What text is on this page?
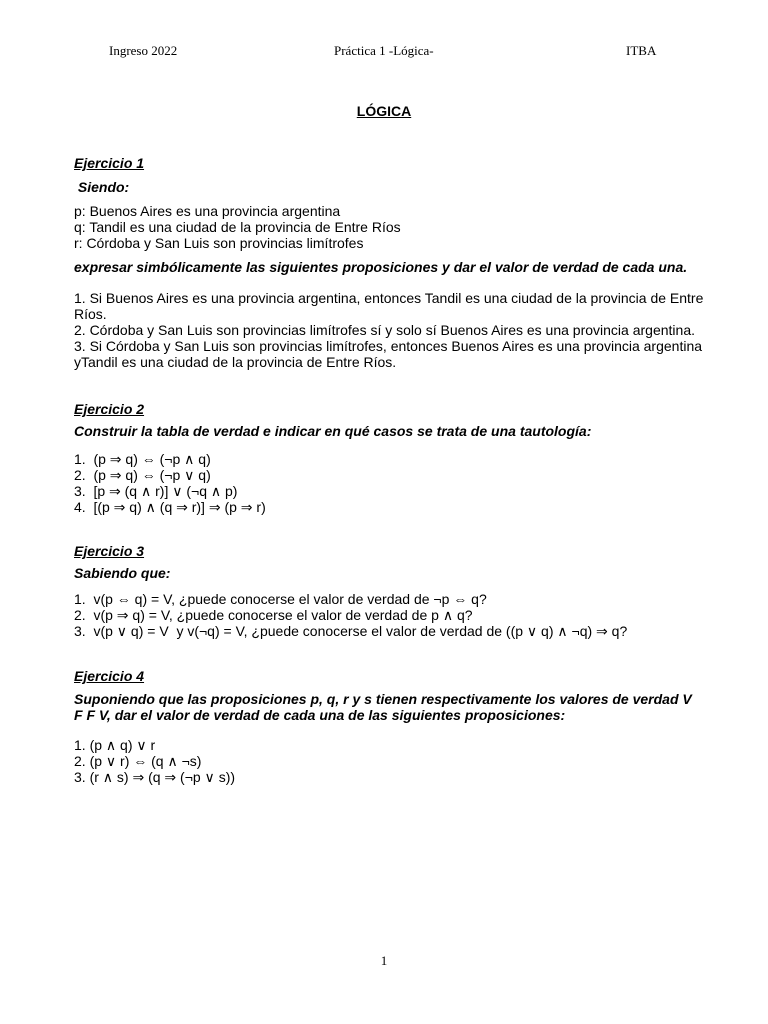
Ingreso 2022	Práctica 1 -Lógica-	ITBA
LÓGICA
Ejercicio 1
Siendo:
p: Buenos Aires es una provincia argentina
q: Tandil es una ciudad de la provincia de Entre Ríos
r: Córdoba y San Luis son provincias limítrofes
expresar simbólicamente las siguientes proposiciones y dar el valor de verdad de cada una.
1. Si Buenos Aires es una provincia argentina, entonces Tandil es una ciudad de la provincia de Entre Ríos.
2. Córdoba y San Luis son provincias limítrofes sí y solo sí Buenos Aires es una provincia argentina.
3. Si Córdoba y San Luis son provincias limítrofes, entonces Buenos Aires es una provincia argentina yTandil es una ciudad de la provincia de Entre Ríos.
Ejercicio 2
Construir la tabla de verdad e indicar en qué casos se trata de una tautología:
1.  (p ⇒ q) ⇔ (¬p ∧ q)
2.  (p ⇒ q) ⇔ (¬p ∨ q)
3.  [p ⇒ (q ∧ r)] ∨ (¬q ∧ p)
4.  [(p ⇒ q) ∧ (q ⇒ r)] ⇒ (p ⇒ r)
Ejercicio 3
Sabiendo que:
1.  v(p ⇔ q) = V, ¿puede conocerse el valor de verdad de ¬p ⇔ q?
2.  v(p ⇒ q) = V, ¿puede conocerse el valor de verdad de p ∧ q?
3.  v(p ∨ q) = V  y v(¬q) = V, ¿puede conocerse el valor de verdad de ((p ∨ q) ∧ ¬q) ⇒ q?
Ejercicio 4
Suponiendo que las proposiciones p, q, r y s tienen respectivamente los valores de verdad V F F V, dar el valor de verdad de cada una de las siguientes proposiciones:
1. (p ∧ q) ∨ r
2. (p ∨ r) ⇔ (q ∧ ¬s)
3. (r ∧ s) ⇒ (q ⇒ (¬p ∨ s))
1
